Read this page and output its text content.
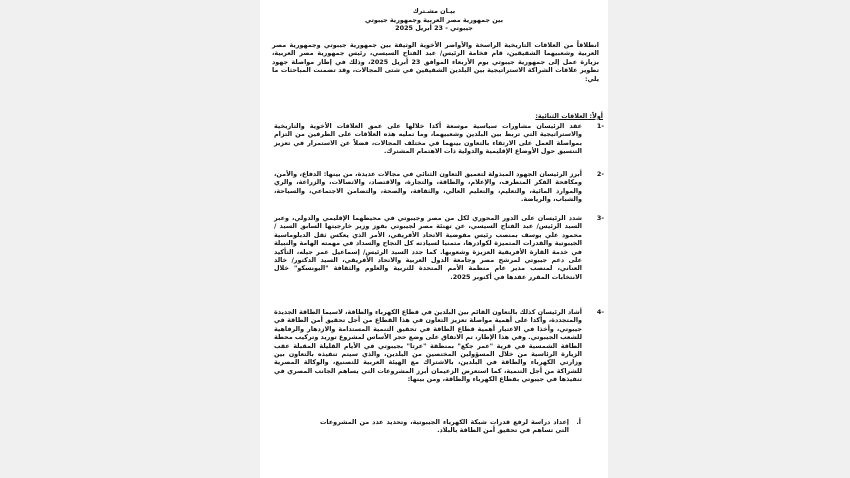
بيـان مشـترك
بين جمهورية مصر العربية وجمهورية جيبوتي
جيبوتي - 23 أبريل 2025
انطلاقاً من العلاقات التاريخية الراسخة والأواصر الأخوية الوثيقة بين جمهورية جيبوتي وجمهورية مصر العربية وشعبيهما الشقيقين، قام فخامة الرئيس/ عبد الفتاح السيسي، رئيس جمهورية مصر العربية، بزيارة عمل إلى جمهورية جيبوتي يوم الأربعاء الموافق 23 أبريل 2025، وذلك في إطار مواصلة جهود تطوير علاقات الشراكة الاستراتيجية بين البلدين الشقيقين في شتى المجالات، وقد تضمنت المباحثات ما يلي:
أولاً: العلاقات الثنائية:
-1
عقد الرئيسان مشاورات سياسية موسعة أكدا خلالها على عمق العلاقات الأخوية والتاريخية والاستراتيجية التي تربط بين البلدين وشعبيهما، وما تمليه هذه العلاقات على الطرفين من التزام بمواصلة العمل على الارتقاء بالتعاون بينهما في مختلف المجالات، فضلاً عن الاستمرار في تعزيز التنسيق حول الأوضاع الإقليمية والدولية ذات الاهتمام المشترك.
-2
أبرز الرئيسان الجهود المبذولة لتعميق التعاون الثنائي في مجالات عديدة، من بينها: الدفاع، والأمن، ومكافحة الفكر المتطرف، والإعلام، والطاقة، والتجارة، والاقتصاد، والاتصالات، والزراعة، والري والموارد المائية، والتعليم، والتعليم العالي، والثقافة، والصحة، والتضامن الاجتماعي، والسياحة، والشباب، والرياضة.
-3
شدد الرئيسان على الدور المحوري لكل من مصر وجيبوتي في محيطهما الإقليمي والدولي، وعبر السيد الرئيس/ عبد الفتاح السيسي، عن تهنئة مصر لجيبوتي بفوز وزير خارجيتها السابق السيد / محمود علي يوسف بمنصب رئيس مفوضية الاتحاد الأفريقي، الأمر الذي يعكس ثقل الدبلوماسية الجيبوتية والقدرات المتميزة لكوادرها، متمنيا لسيادته كل النجاح والسداد في مهمته الهامة والنبيلة في خدمة القارة الأفريقية العزيزة وشعوبها. كما جدد السيد الرئيس/ إسماعيل عمر جيله، التأكيد على دعم جيبوتي لمرشح مصر وجامعة الدول العربية والاتحاد الأفريقي، السيد الدكتور/ خالد العناني، لمنصب مدير عام منظمة الأمم المتحدة للتربية والعلوم والثقافة "اليونسكو" خلال الانتخابات المقرر عقدها في أكتوبر 2025.
-4
أشاد الرئيسان كذلك بالتعاون القائم بين البلدين في قطاع الكهرباء والطاقة، لاسيما الطاقة الجديدة والمتجددة، وأكدا على أهمية مواصلة تعزيز التعاون في هذا القطاع من أجل تحقيق أمن الطاقة في جيبوتي، وأخذا في الاعتبار أهمية قطاع الطاقة في تحقيق التنمية المستدامة والازدهار والرفاهية للشعب الجيبوتي. وفي هذا الإطار، تم الاتفاق على وضع حجر الأساس لمشروع توريد وتركيب محطة الطاقة الشمسية في قرية "عمر جكع" بمنطقة "عرتا" بجيبوتي في الأيام القليلة المقبلة عقب الزيارة الرئاسية من خلال المسؤولين المختصين من البلدين، والذي سيتم تنفيذه بالتعاون بين وزارتي الكهرباء والطاقة في البلدين، بالاشتراك مع الهيئة العربية للتصنيع، والوكالة المصرية للشراكة من أجل التنمية، كما استعرض الزعيمان أبرز المشروعات التي يساهم الجانب المصري في تنفيذها في جيبوتي بقطاع الكهرباء والطاقة، ومن بينها:
أ.
إعداد دراسة لرفع قدرات شبكة الكهرباء الجيبوتية، وتحديد عدد من المشروعات التي تساهم في تحقيق أمن الطاقة بالبلاد.
